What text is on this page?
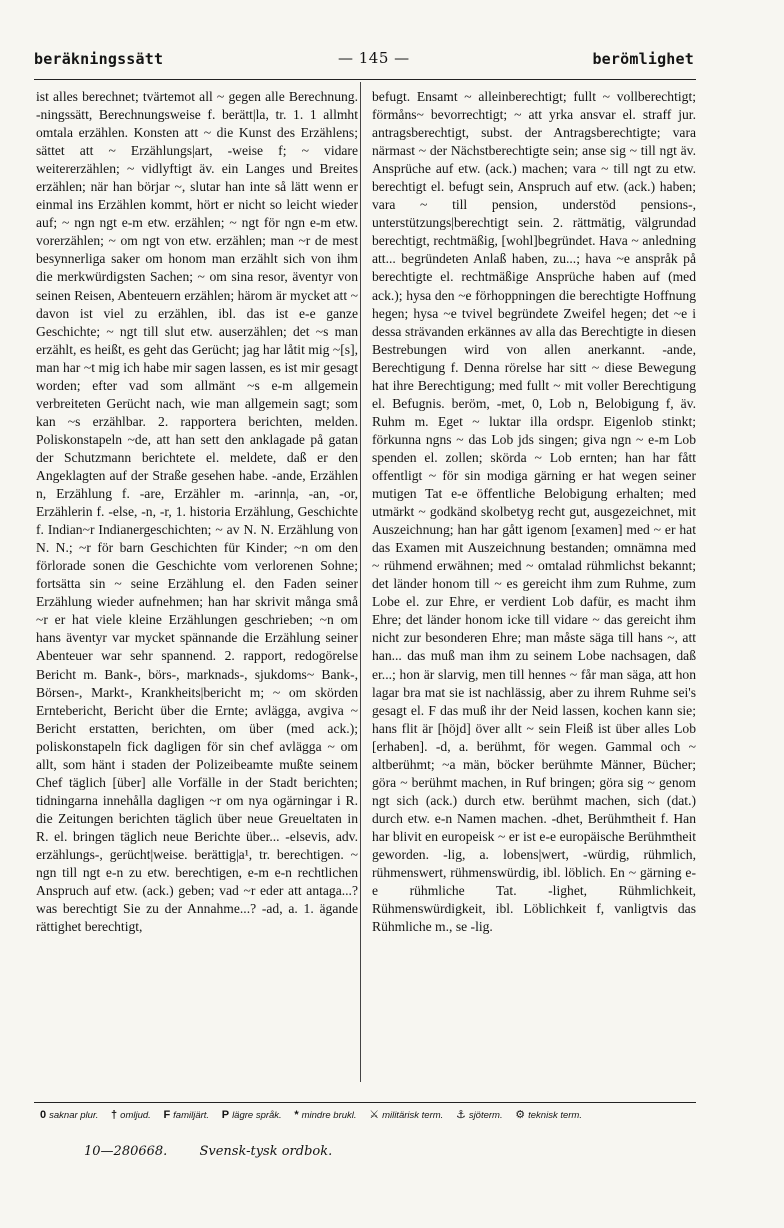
beräkningssätt	— 145 —	berömlighet

ist alles berechnet; tvärtemot all ~ gegen alle Berechnung. -ningssätt, Berechnungsweise f. berätt|la, tr. 1. 1 allmht omtala erzählen. Konsten att ~ die Kunst des Erzählens; sättet att ~ Erzählungs|art, -weise f; ~ vidare weitererzählen; ~ vidlyftigt äv. ein Langes und Breites erzählen; när han börjar ~, slutar han inte så lätt wenn er einmal ins Erzählen kommt, hört er nicht so leicht wieder auf; ~ ngn ngt e-m etw. erzählen; ~ ngt för ngn e-m etw. vorerzählen; ~ om ngt von etw. erzählen; man ~r de mest besynnerliga saker om honom man erzählt sich von ihm die merkwürdigsten Sachen; ~ om sina resor, äventyr von seinen Reisen, Abenteuern erzählen; härom är mycket att ~ davon ist viel zu erzählen, ibl. das ist e-e ganze Geschichte; ~ ngt till slut etw. auserzählen; det ~s man erzählt, es heißt, es geht das Gerücht; jag har låtit mig ~[s], man har ~t mig ich habe mir sagen lassen, es ist mir gesagt worden; efter vad som allmänt ~s e-m allgemein verbreiteten Gerücht nach, wie man allgemein sagt; som kan ~s erzählbar. 2. rapportera berichten, melden. Poliskonstapeln ~de, att han sett den anklagade på gatan der Schutzmann berichtete el. meldete, daß er den Angeklagten auf der Straße gesehen habe. -ande, Erzählen n, Erzählung f. -are, Erzähler m. -arinn|a, -an, -or, Erzählerin f. -else, -n, -r, 1. historia Erzählung, Geschichte f. Indian~r Indianergeschichten; ~ av N. N. Erzählung von N. N.; ~r för barn Geschichten für Kinder; ~n om den förlorade sonen die Geschichte vom verlorenen Sohne; fortsätta sin ~ seine Erzählung el. den Faden seiner Erzählung wieder aufnehmen; han har skrivit många små ~r er hat viele kleine Erzählungen geschrieben; ~n om hans äventyr var mycket spännande die Erzählung seiner Abenteuer war sehr spannend. 2. rapport, redogörelse Bericht m. Bank-, börs-, marknads-, sjukdoms~ Bank-, Börsen-, Markt-, Krankheits|bericht m; ~ om skörden Erntebericht, Bericht über die Ernte; avlägga, avgiva ~ Bericht erstatten, berichten, om über (med ack.); poliskonstapeln fick dagligen för sin chef avlägga ~ om allt, som hänt i staden der Polizeibeamte mußte seinem Chef täglich [über] alle Vorfälle in der Stadt berichten; tidningarna innehålla dagligen ~r om nya ogärningar i R. die Zeitungen berichten täglich über neue Greueltaten in R. el. bringen täglich neue Berichte über... -elsevis, adv. erzählungs-, gerücht|weise. berättig|a¹, tr. berechtigen. ~ ngn till ngt e-n zu etw. berechtigen, e-m e-n rechtlichen Anspruch auf etw. (ack.) geben; vad ~r eder att antaga...? was berechtigt Sie zu der Annahme...? -ad, a. 1. ägande rättighet berechtigt,

befugt. Ensamt ~ alleinberechtigt; fullt ~ vollberechtigt; förmåns~ bevorrechtigt; ~ att yrka ansvar el. straff jur. antragsberechtigt, subst. der Antragsberechtigte; vara närmast ~ der Nächstberechtigte sein; anse sig ~ till ngt äv. Ansprüche auf etw. (ack.) machen; vara ~ till ngt zu etw. berechtigt el. befugt sein, Anspruch auf etw. (ack.) haben; vara ~ till pension, understöd pensions-, unterstützungs|berechtigt sein. 2. rättmätig, välgrundad berechtigt, rechtmäßig, [wohl]begründet. Hava ~ anledning att... begründeten Anlaß haben, zu...; hava ~e anspråk på berechtigte el. rechtmäßige Ansprüche haben auf (med ack.); hysa den ~e förhoppningen die berechtigte Hoffnung hegen; hysa ~e tvivel begründete Zweifel hegen; det ~e i dessa strävanden erkännes av alla das Berechtigte in diesen Bestrebungen wird von allen anerkannt. -ande, Berechtigung f. Denna rörelse har sitt ~ diese Bewegung hat ihre Berechtigung; med fullt ~ mit voller Berechtigung el. Befugnis. beröm, -met, 0, Lob n, Belobigung f, äv. Ruhm m. Eget ~ luktar illa ordspr. Eigenlob stinkt; förkunna ngns ~ das Lob jds singen; giva ngn ~ e-m Lob spenden el. zollen; skörda ~ Lob ernten; han har fått offentligt ~ för sin modiga gärning er hat wegen seiner mutigen Tat e-e öffentliche Belobigung erhalten; med utmärkt ~ godkänd skolbetyg recht gut, ausgezeichnet, mit Auszeichnung; han har gått igenom [examen] med ~ er hat das Examen mit Auszeichnung bestanden; omnämna med ~ rühmend erwähnen; med ~ omtalad rühmlichst bekannt; det länder honom till ~ es gereicht ihm zum Ruhme, zum Lobe el. zur Ehre, er verdient Lob dafür, es macht ihm Ehre; det länder honom icke till vidare ~ das gereicht ihm nicht zur besonderen Ehre; man måste säga till hans ~, att han... das muß man ihm zu seinem Lobe nachsagen, daß er...; hon är slarvig, men till hennes ~ får man säga, att hon lagar bra mat sie ist nachlässig, aber zu ihrem Ruhme sei's gesagt el. F das muß ihr der Neid lassen, kochen kann sie; hans flit är [höjd] över allt ~ sein Fleiß ist über alles Lob [erhaben]. -d, a. berühmt, för wegen. Gammal och ~ altberühmt; ~a män, böcker berühmte Männer, Bücher; göra ~ berühmt machen, in Ruf bringen; göra sig ~ genom ngt sich (ack.) durch etw. berühmt machen, sich (dat.) durch etw. e-n Namen machen. -dhet, Berühmtheit f. Han har blivit en europeisk ~ er ist e-e europäische Berühmtheit geworden. -lig, a. lobens|wert, -würdig, rühmlich, rühmenswert, rühmenswürdig, ibl. löblich. En ~ gärning e-e rühmliche Tat. -lighet, Rühmlichkeit, Rühmenswürdigkeit, ibl. Löblichkeit f, vanligtvis das Rühmliche m., se -lig.

0 saknar plur. † omljud. F familjärt. P lägre språk. * mindre brukl. ⚔ militärisk term. ⚓ sjöterm. ⚙ teknisk term.
10—280668. Svensk-tysk ordbok.
